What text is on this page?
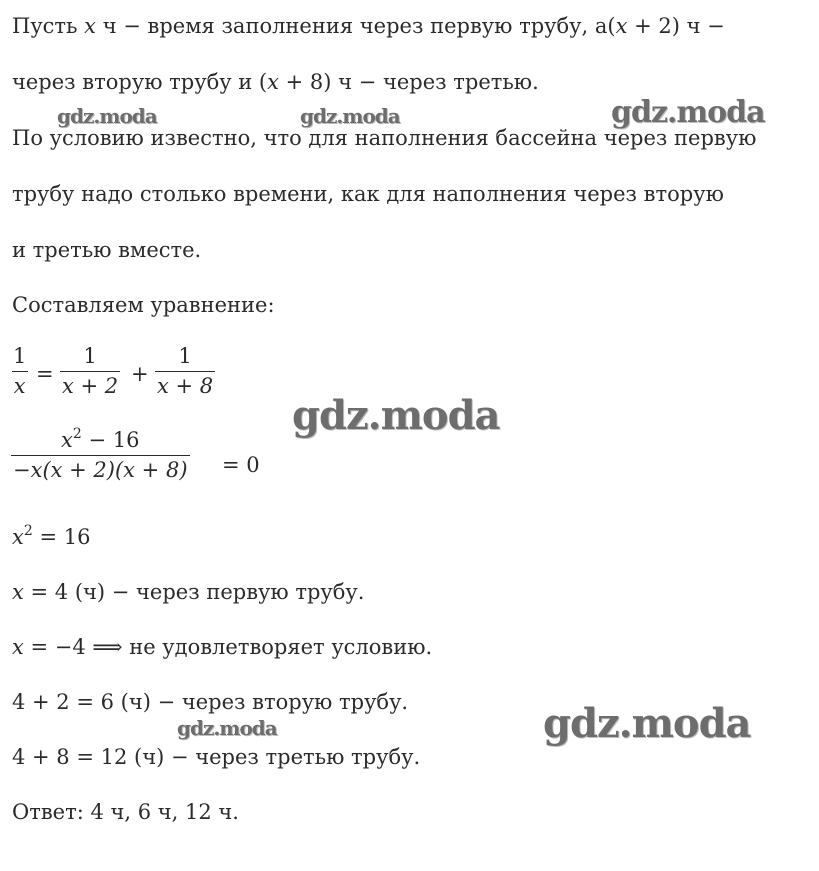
Пусть x ч − время заполнения через первую трубу, а(x + 2) ч −
через вторую трубу и (x + 8) ч − через третью.
По условию известно, что для наполнения бассейна через первую
трубу надо столько времени, как для наполнения через вторую
и третью вместе.
Составляем уравнение:
$\frac{1}{x} = \frac{1}{x + 2} + \frac{1}{x + 8}$
$\frac{x^2 - 16}{-x(x + 2)(x + 8)} = 0$
$x^2 = 16$
x = 4 (ч) − через первую трубу.
x = −4 ⟹ не удовлетворяет условию.
4 + 2 = 6 (ч) − через вторую трубу.
4 + 8 = 12 (ч) − через третью трубу.
Ответ: 4 ч, 6 ч, 12 ч.
gdz.moda	gdz.moda	gdz.moda
gdz.moda
gdz.moda
gdz.moda
